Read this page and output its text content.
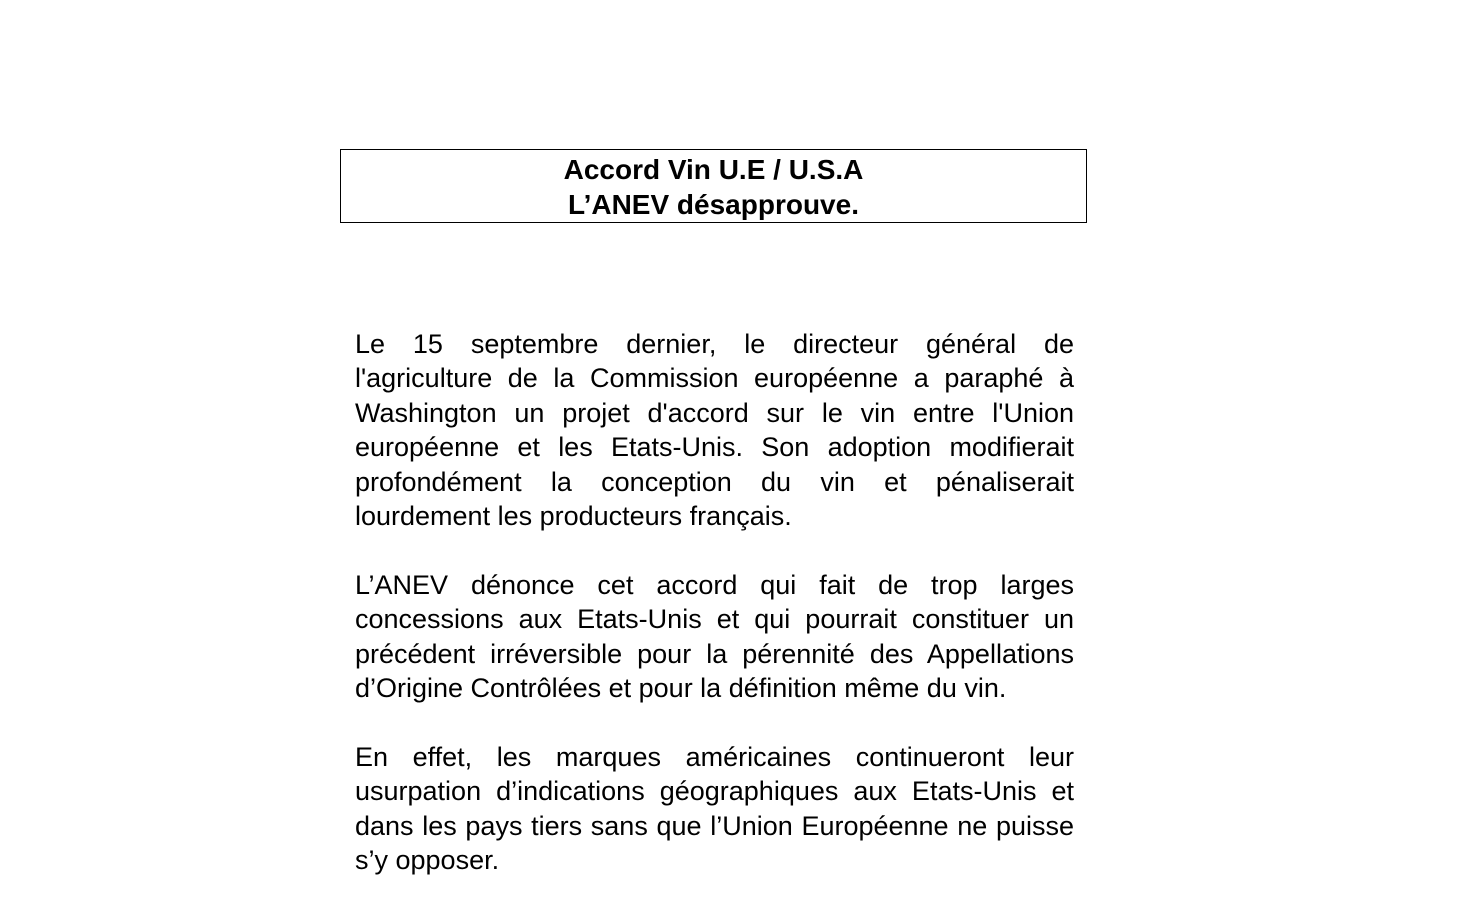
Accord Vin U.E / U.S.A
L’ANEV désapprouve.

Le 15 septembre dernier, le directeur général de l'agriculture de la Commission européenne a paraphé à Washington un projet d'accord sur le vin entre l'Union européenne et les Etats-Unis. Son adoption modifierait profondément la conception du vin et pénaliserait lourdement les producteurs français.

L’ANEV dénonce cet accord qui fait de trop larges concessions aux Etats-Unis et qui pourrait constituer un précédent irréversible pour la pérennité des Appellations d’Origine Contrôlées et pour la définition même du vin.

En effet, les marques américaines continueront leur usurpation d’indications géographiques aux Etats-Unis et dans les pays tiers sans que l’Union Européenne ne puisse s’y opposer.
